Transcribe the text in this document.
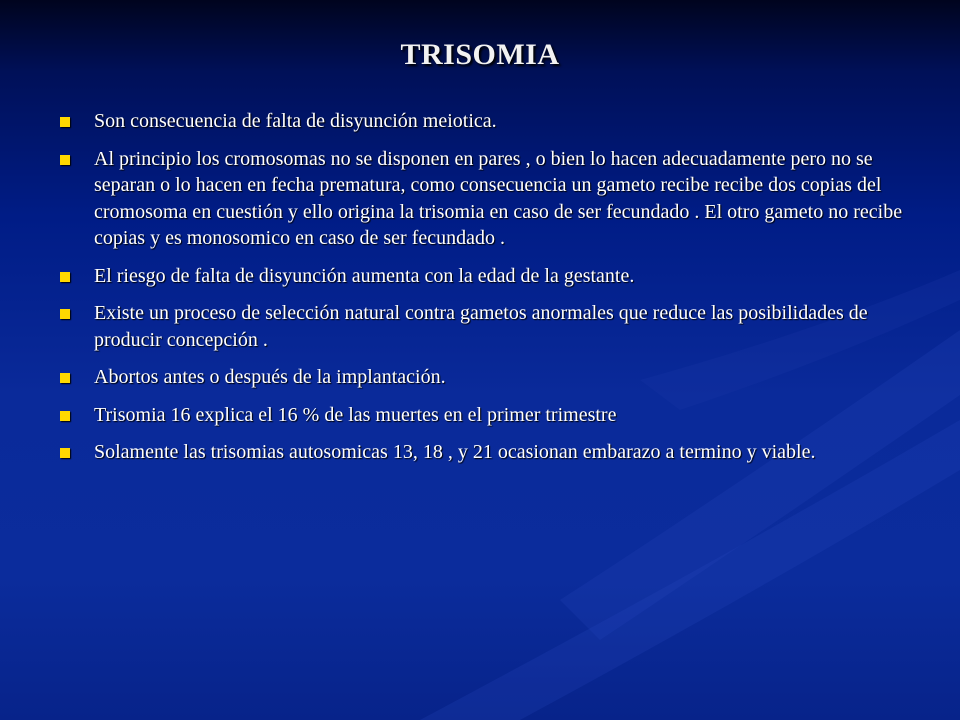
TRISOMIA
Son consecuencia de falta de disyunción meiotica.
Al principio los cromosomas no se disponen en pares , o bien lo hacen adecuadamente pero no se separan o lo hacen en fecha prematura, como consecuencia un gameto recibe recibe dos copias del cromosoma en cuestión y ello origina la trisomia en caso de ser fecundado . El otro gameto no recibe copias y es monosomico en caso de ser fecundado .
El riesgo de falta de disyunción aumenta con la edad de la gestante.
Existe un proceso de selección natural contra gametos anormales que reduce las posibilidades de producir concepción .
Abortos antes o después de la implantación.
Trisomia 16 explica el 16 % de las muertes en el primer trimestre
Solamente las trisomias autosomicas 13, 18 , y 21 ocasionan embarazo a termino y viable.
